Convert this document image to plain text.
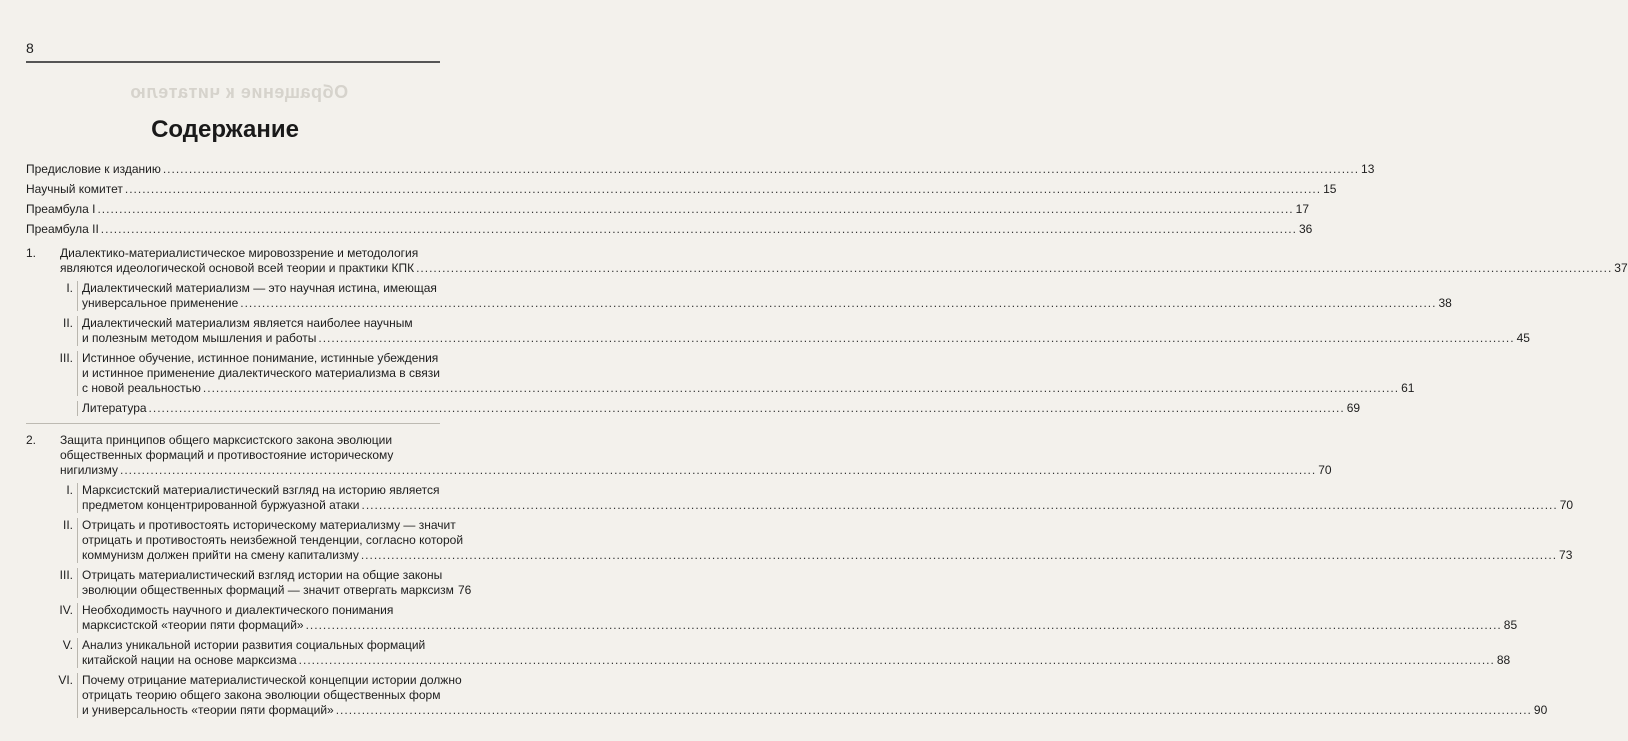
8
Обращение к читателю
Содержание
Предисловие к изданию .....	13
Научный комитет .....	15
Преамбула I .....	17
Преамбула II .....	36
1.	Диалектико-материалистическое мировоззрение и методология
являются идеологической основой всей теории и практики КПК .....	37
I. Диалектический материализм — это научная истина, имеющая
универсальное применение .....	38
II. Диалектический материализм является наиболее научным
и полезным методом мышления и работы .....	45
III. Истинное обучение, истинное понимание, истинные убеждения
и истинное применение диалектического материализма в связи
с новой реальностью .....	61
Литература .....	69
2.	Защита принципов общего марксистского закона эволюции
общественных формаций и противостояние историческому
нигилизму .....	70
I. Марксистский материалистический взгляд на историю является
предметом концентрированной буржуазной атаки .....	70
II. Отрицать и противостоять историческому материализму — значит
отрицать и противостоять неизбежной тенденции, согласно которой
коммунизм должен прийти на смену капитализму .....	73
III. Отрицать материалистический взгляд истории на общие законы
эволюции общественных формаций — значит отвергать марксизм 76
IV. Необходимость научного и диалектического понимания
марксистской «теории пяти формаций» .....	85
V. Анализ уникальной истории развития социальных формаций
китайской нации на основе марксизма .....	88
VI. Почему отрицание материалистической концепции истории должно
отрицать теорию общего закона эволюции общественных форм
и универсальность «теории пяти формаций» .....	90
